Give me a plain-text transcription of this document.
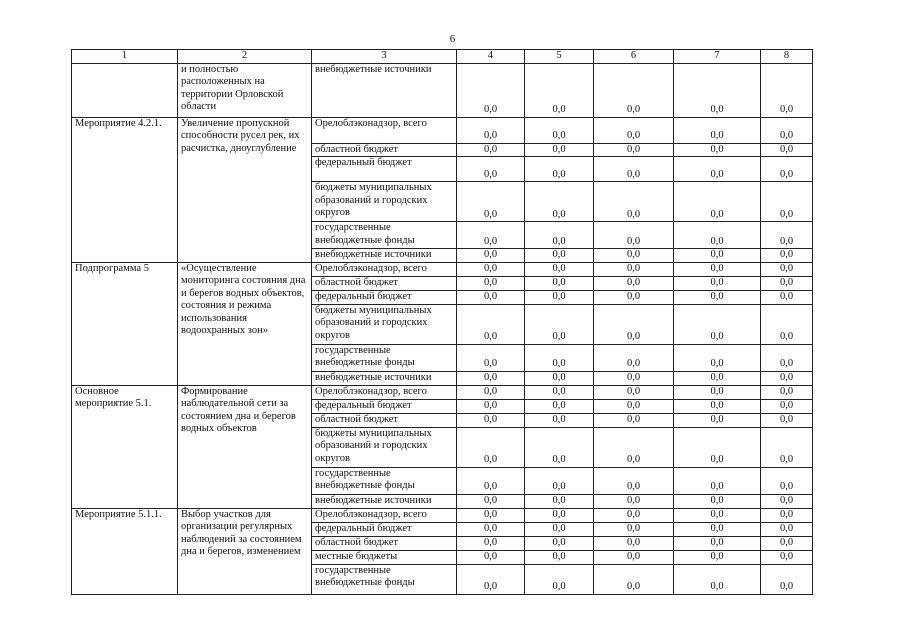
6
1	2	3	4	5	6	7	8
	и полностью расположенных на территории Орловской области	внебюджетные источники	0,0	0,0	0,0	0,0	0,0
Мероприятие 4.2.1.	Увеличение пропускной способности русел рек, их расчистка, дноуглубление	Орелоблэконадзор, всего	0,0	0,0	0,0	0,0	0,0
		областной бюджет	0,0	0,0	0,0	0,0	0,0
		федеральный бюджет	0,0	0,0	0,0	0,0	0,0
		бюджеты муниципальных образований и городских округов	0,0	0,0	0,0	0,0	0,0
		государственные внебюджетные фонды	0,0	0,0	0,0	0,0	0,0
		внебюджетные источники	0,0	0,0	0,0	0,0	0,0
Подпрограмма 5	«Осуществление мониторинга состояния дна и берегов водных объектов, состояния и режима использования водоохранных зон»	Орелоблэконадзор, всего	0,0	0,0	0,0	0,0	0,0
		областной бюджет	0,0	0,0	0,0	0,0	0,0
		федеральный бюджет	0,0	0,0	0,0	0,0	0,0
		бюджеты муниципальных образований и городских округов	0,0	0,0	0,0	0,0	0,0
		государственные внебюджетные фонды	0,0	0,0	0,0	0,0	0,0
		внебюджетные источники	0,0	0,0	0,0	0,0	0,0
Основное мероприятие 5.1.	Формирование наблюдательной сети за состоянием дна и берегов водных объектов	Орелоблэконадзор, всего	0,0	0,0	0,0	0,0	0,0
		федеральный бюджет	0,0	0,0	0,0	0,0	0,0
		областной бюджет	0,0	0,0	0,0	0,0	0,0
		бюджеты муниципальных образований и городских округов	0,0	0,0	0,0	0,0	0,0
		государственные внебюджетные фонды	0,0	0,0	0,0	0,0	0,0
		внебюджетные источники	0,0	0,0	0,0	0,0	0,0
Мероприятие 5.1.1.	Выбор участков для организации регулярных наблюдений за состоянием дна и берегов, изменением	Орелоблэконадзор, всего	0,0	0,0	0,0	0,0	0,0
		федеральный бюджет	0,0	0,0	0,0	0,0	0,0
		областной бюджет	0,0	0,0	0,0	0,0	0,0
		местные бюджеты	0,0	0,0	0,0	0,0	0,0
		государственные внебюджетные фонды	0,0	0,0	0,0	0,0	0,0
